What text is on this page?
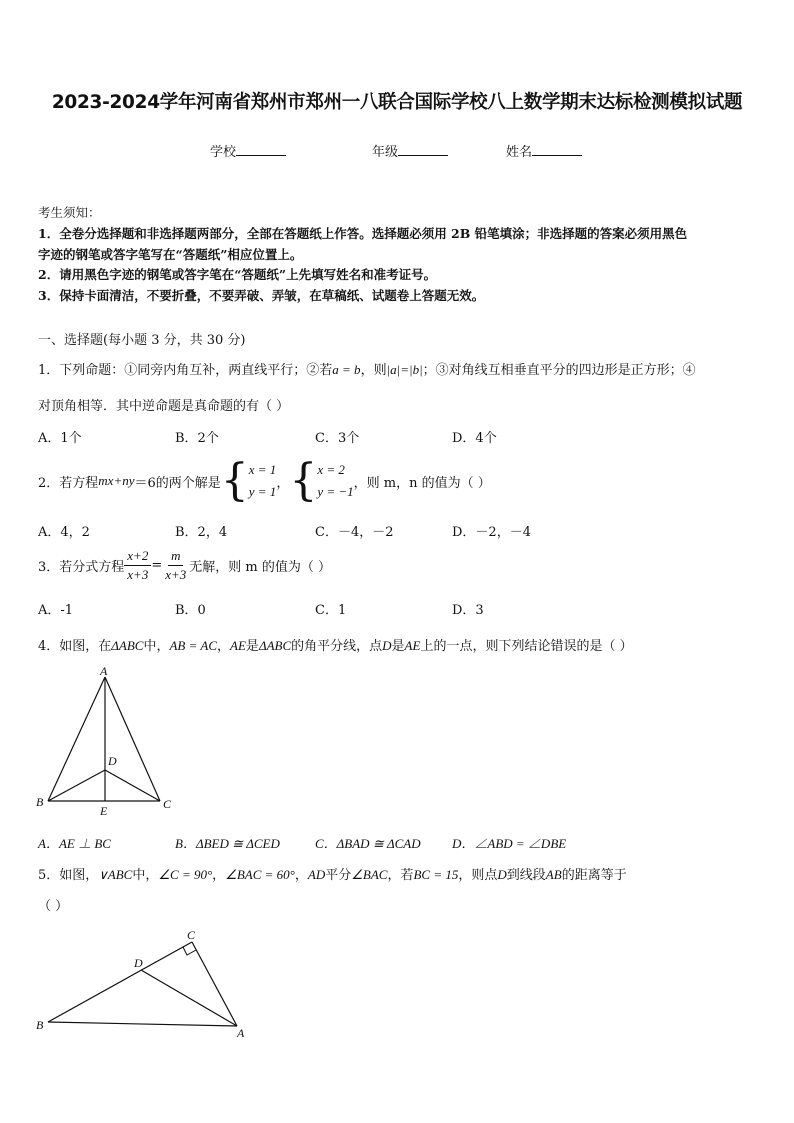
2023-2024学年河南省郑州市郑州一八联合国际学校八上数学期末达标检测模拟试题
学校	年级	姓名
考生须知：
1．全卷分选择题和非选择题两部分，全部在答题纸上作答。选择题必须用 2B 铅笔填涂；非选择题的答案必须用黑色
字迹的钢笔或答字笔写在“答题纸”相应位置上。
2．请用黑色字迹的钢笔或答字笔在“答题纸”上先填写姓名和准考证号。
3．保持卡面清洁，不要折叠，不要弄破、弄皱，在草稿纸、试题卷上答题无效。
一、选择题(每小题 3 分，共 30 分)
1．下列命题：①同旁内角互补，两直线平行；②若a = b，则|a|=|b|；③对角线互相垂直平分的四边形是正方形；④
对顶角相等．其中逆命题是真命题的有（ ）
A．1个	B．2个	C．3个	D．4个
2．若方程 mx+ny ＝6的两个解是 { x = 1
y = 1
， { x = 2
y = −1
，则 m，n 的值为（ ）
A．4，2	B．2，4	C．－4，－2	D．－2，－4
3．若分式方程 $\frac{x+2}{x+3} = \frac{m}{x+3}$ 无解，则 m 的值为（ ）
A．-1	B．0	C．1	D．3
4．如图，在ΔABC中，AB = AC，AE是ΔABC的角平分线，点D是AE上的一点，则下列结论错误的是（ ）
A
B	C
D
E
A．AE ⊥ BC	B．ΔBED ≅ ΔCED	C．ΔBAD ≅ ΔCAD D．∠ABD = ∠DBE
5．如图，∨ABC中，∠C = 90°，∠BAC = 60°，AD平分∠BAC，若BC = 15，则点D到线段AB的距离等于
（ ）
C
D
B
A
